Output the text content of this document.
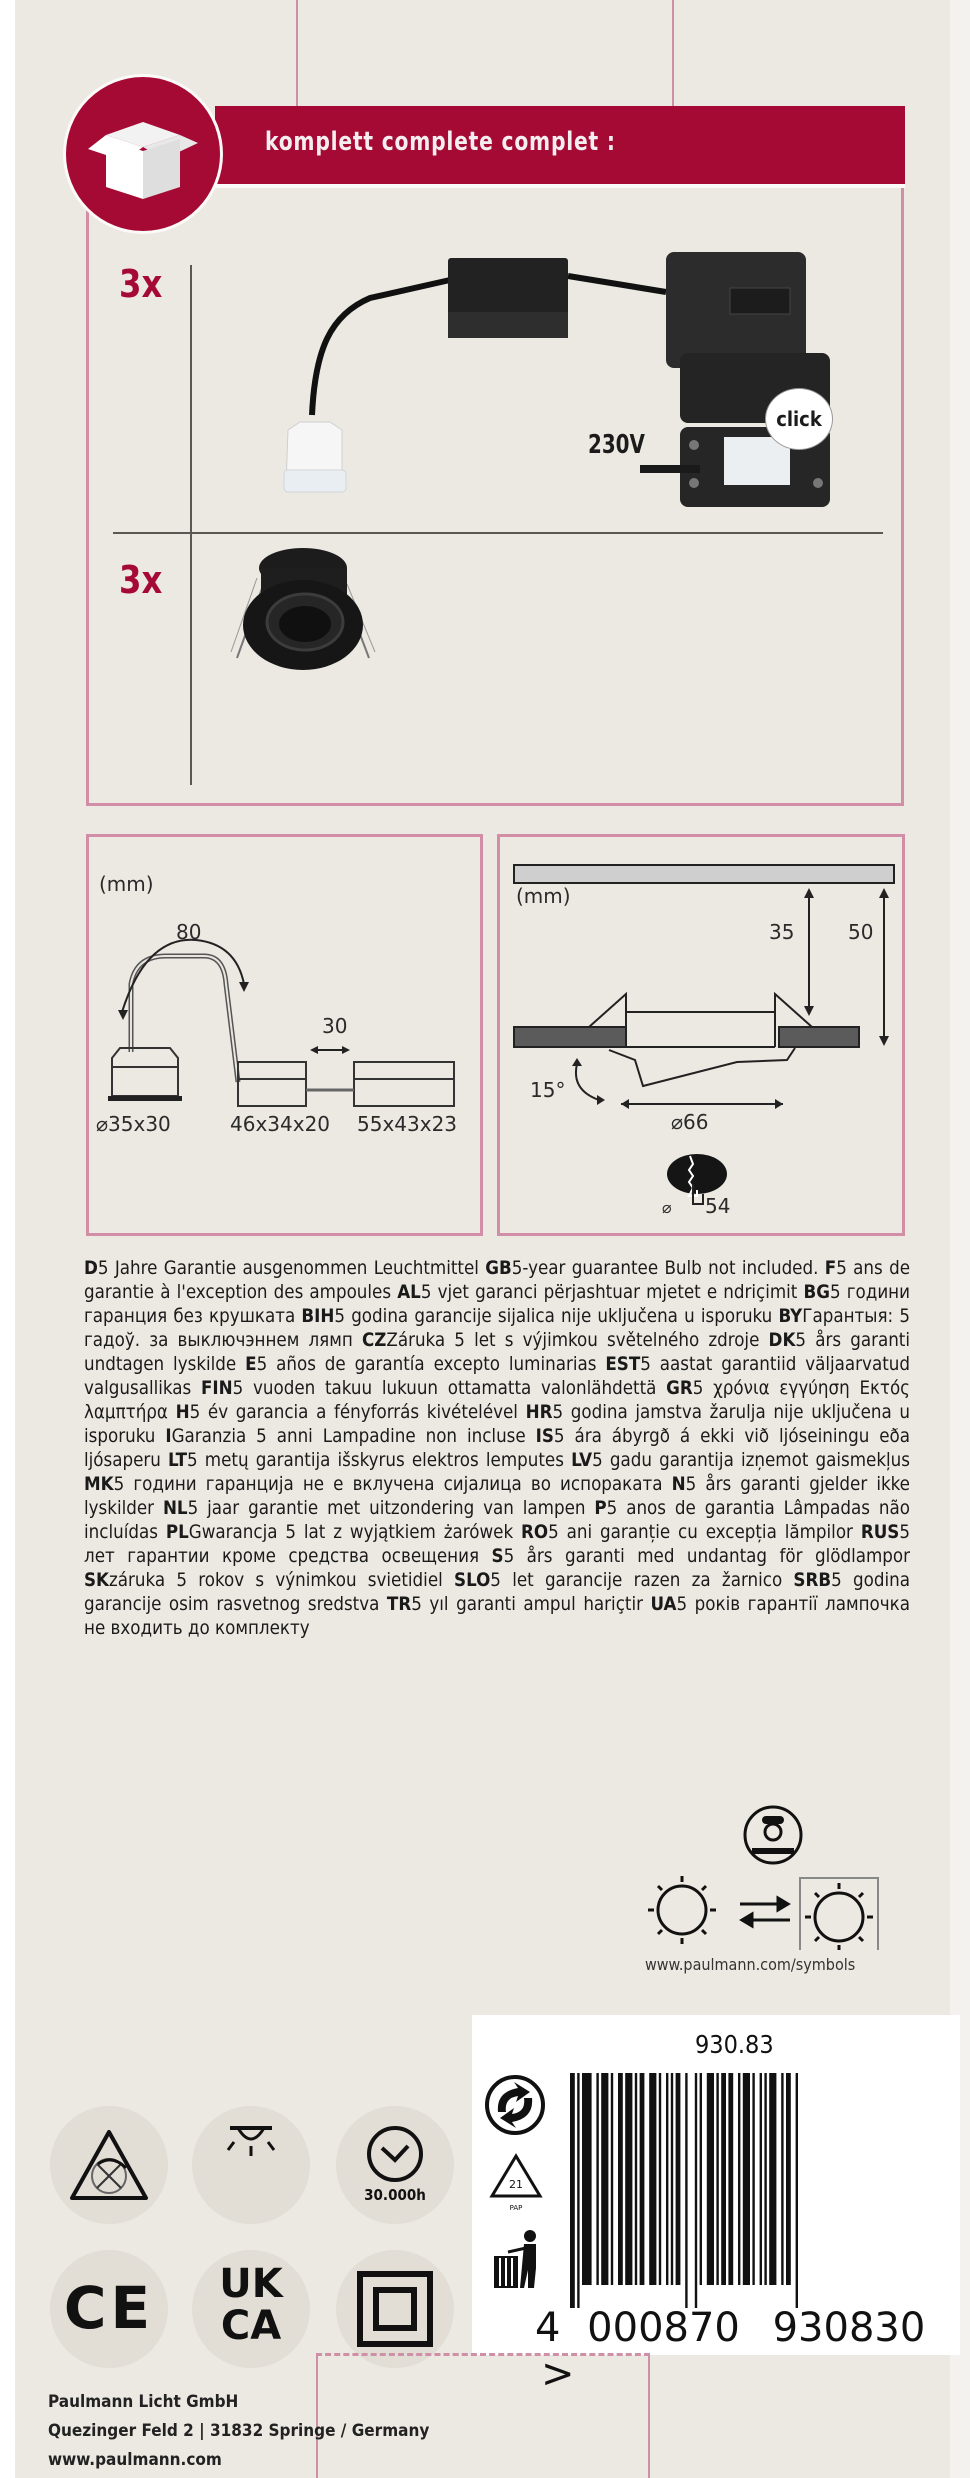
komplett complete complet :
3x
3x
230V
click
(mm)
80
30
⌀35x30	46x34x20 55x43x23
(mm)
35	50
15°
⌀66
⌀ 54
D5 Jahre Garantie ausgenommen Leuchtmittel GB5-year guarantee Bulb not included. F5 ans de garantie à l'exception des ampoules AL5 vjet garanci përjashtuar mjetet e ndriçimit BG5 години гаранция без крушката BIH5 godina garancije sijalica nije uključena u isporuku BYГарантыя: 5 гадоў. за выключэннем лямп CZZáruka 5 let s výjimkou světelného zdroje DK5 års garanti undtagen lyskilde E5 años de garantía excepto luminarias EST5 aastat garantiid väljaarvatud valgusallikas FIN5 vuoden takuu lukuun ottamatta valonlähdettä GR5 χρόνια εγγύηση Εκτός λαμπτήρα H5 év garancia a fényforrás kivételével HR5 godina jamstva žarulja nije uključena u isporuku IGaranzia 5 anni Lampadine non incluse IS5 ára ábyrgð á ekki við ljóseiningu eða ljósaperu LT5 metų garantija išskyrus elektros lemputes LV5 gadu garantija izņemot gaismekļus MK5 години гаранција не е вклучена сијалица во испораката N5 års garanti gjelder ikke lyskilder NL5 jaar garantie met uitzondering van lampen P5 anos de garantia Lâmpadas não incluídas PLGwarancja 5 lat z wyjątkiem żarówek RO5 ani garanție cu excepția lămpilor RUS5 лет гарантии кроме средства освещения S5 års garanti med undantag för glödlampor SKzáruka 5 rokov s výnimkou svietidiel SLO5 let garancije razen za žarnico SRB5 godina garancije osim rasvetnog sredstva TR5 yıl garanti ampul hariçtir UA5 років гарантії лампочка не входить до комплекту
www.paulmann.com/symbols
930.83
4 000870 930830 >
21
PAP
30.000h
CE	UK
CA
Paulmann Licht GmbH
Quezinger Feld 2 | 31832 Springe / Germany
www.paulmann.com
